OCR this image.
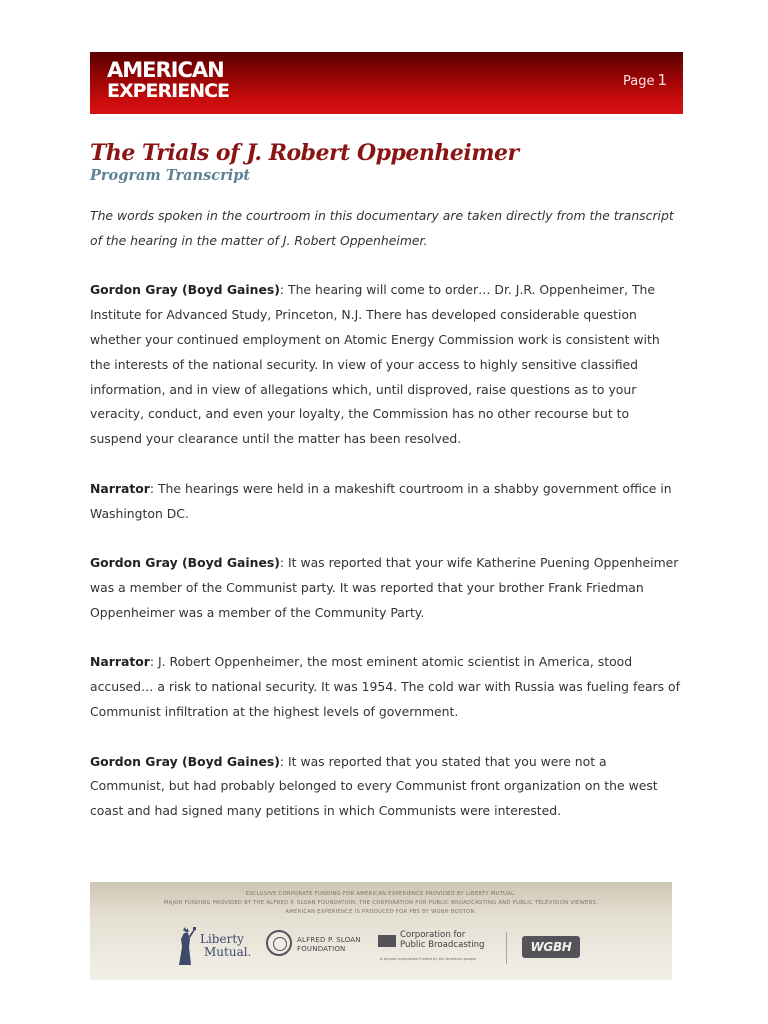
AMERICAN
EXPERIENCE	Page 1
The Trials of J. Robert Oppenheimer
Program Transcript

The words spoken in the courtroom in this documentary are taken directly from the transcript of the hearing in the matter of J. Robert Oppenheimer.

Gordon Gray (Boyd Gaines): The hearing will come to order… Dr. J.R. Oppenheimer, The Institute for Advanced Study, Princeton, N.J. There has developed considerable question whether your continued employment on Atomic Energy Commission work is consistent with the interests of the national security. In view of your access to highly sensitive classified information, and in view of allegations which, until disproved, raise questions as to your veracity, conduct, and even your loyalty, the Commission has no other recourse but to suspend your clearance until the matter has been resolved.

Narrator: The hearings were held in a makeshift courtroom in a shabby government office in Washington DC.

Gordon Gray (Boyd Gaines): It was reported that your wife Katherine Puening Oppenheimer was a member of the Communist party. It was reported that your brother Frank Friedman Oppenheimer was a member of the Community Party.

Narrator: J. Robert Oppenheimer, the most eminent atomic scientist in America, stood accused… a risk to national security. It was 1954. The cold war with Russia was fueling fears of Communist infiltration at the highest levels of government.

Gordon Gray (Boyd Gaines): It was reported that you stated that you were not a Communist, but had probably belonged to every Communist front organization on the west coast and had signed many petitions in which Communists were interested.

EXCLUSIVE CORPORATE FUNDING FOR AMERICAN EXPERIENCE PROVIDED BY LIBERTY MUTUAL.
MAJOR FUNDING PROVIDED BY THE ALFRED P. SLOAN FOUNDATION, THE CORPORATION FOR PUBLIC BROADCASTING AND PUBLIC TELEVISION VIEWERS.
AMERICAN EXPERIENCE IS PRODUCED FOR PBS BY WGBH BOSTON.
Liberty
Mutual.
ALFRED P. SLOAN
FOUNDATION
Corporation for
Public Broadcasting
A private corporation funded by the American people
WGBH
